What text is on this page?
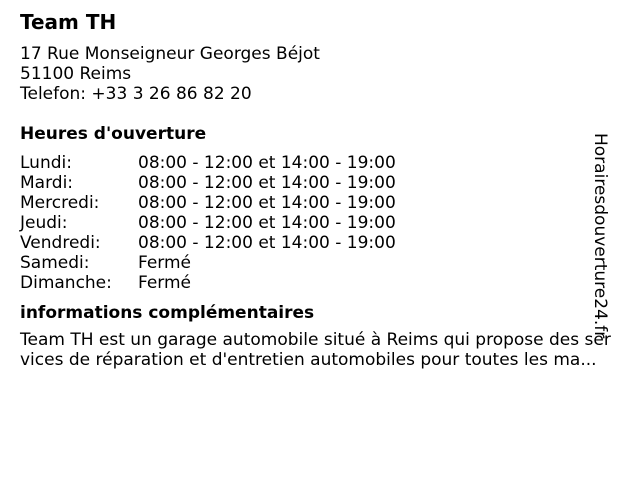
Team TH
17 Rue Monseigneur Georges Béjot
51100 Reims
Telefon: +33 3 26 86 82 20
Heures d'ouverture
Lundi:	08:00 - 12:00 et 14:00 - 19:00
Mardi:	08:00 - 12:00 et 14:00 - 19:00
Mercredi:	08:00 - 12:00 et 14:00 - 19:00
Jeudi:	08:00 - 12:00 et 14:00 - 19:00
Vendredi:	08:00 - 12:00 et 14:00 - 19:00
Samedi:	Fermé
Dimanche:	Fermé
informations complémentaires
Team TH est un garage automobile situé à Reims qui propose des services de réparation et d'entretien automobiles pour toutes les ma...
Horairesdouverture24.fr
